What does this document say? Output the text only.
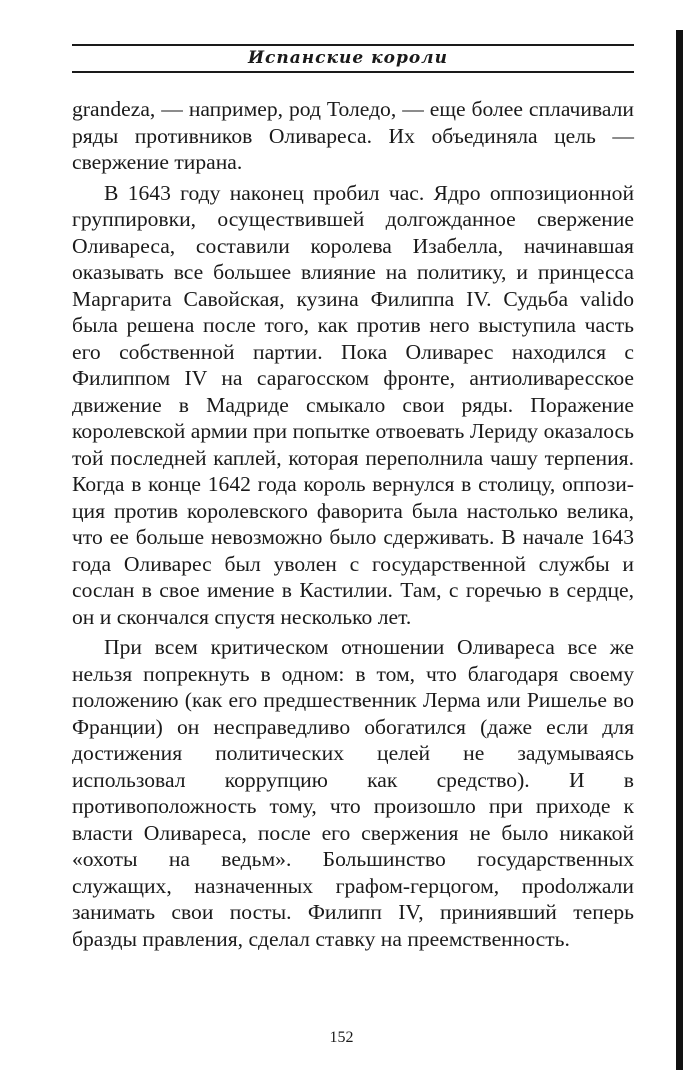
Испанские короли

grandeza, — например, род Толедо, — еще более сплачивали ряды противников Оливареса. Их объединяла цель — свержение тирана.

В 1643 году наконец пробил час. Ядро оппозиционной группировки, осуществившей долгожданное свержение Оливареса, составили королева Изабелла, начинавшая оказывать все большее влияние на политику, и принцесса Маргарита Савойская, кузина Филиппа IV. Судьба valido была решена после того, как против него выступила часть его собственной партии. Пока Оливарес находился с Филиппом IV на сарагосском фронте, антиоливаресское движение в Мадриде смыкало свои ряды. Поражение королевской армии при попытке отвоевать Лериду оказалось той последней каплей, которая переполнила чашу терпения. Когда в конце 1642 года король вернулся в столицу, оппозиция против королевского фаворита была настолько велика, что ее больше невозможно было сдерживать. В начале 1643 года Оливарес был уволен с государственной службы и сослан в свое имение в Кастилии. Там, с горечью в сердце, он и скончался спустя несколько лет.

При всем критическом отношении Оливареса все же нельзя попрекнуть в одном: в том, что благодаря своему положению (как его предшественник Лерма или Ришелье во Франции) он несправедливо обогатился (даже если для достижения политических целей не задумываясь использовал коррупцию как средство). И в противоположность тому, что произошло при приходе к власти Оливареса, после его свержения не было никакой «охоты на ведьм». Большинство государственных служащих, назначенных графом-герцогом, проdолжали занимать свои посты. Филипп IV, приниявший теперь бразды правления, сделал ставку на преемственность.

152
